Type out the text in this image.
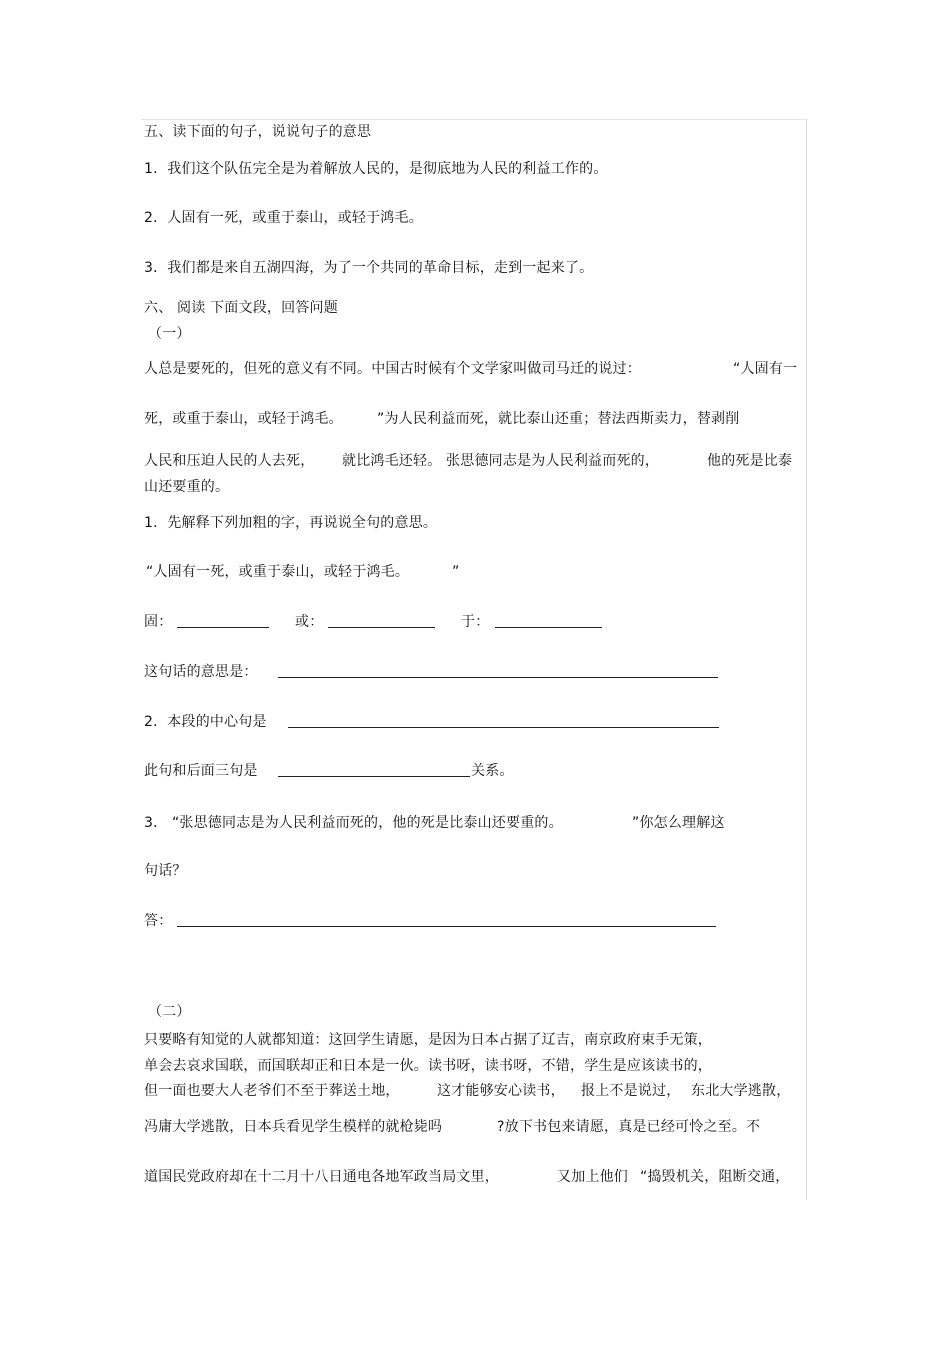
五、读下面的句子，说说句子的意思
1．我们这个队伍完全是为着解放人民的，是彻底地为人民的利益工作的。
2．人固有一死，或重于泰山，或轻于鸿毛。
3．我们都是来自五湖四海，为了一个共同的革命目标，走到一起来了。
六、 阅读 下面文段，回答问题
（一）
人总是要死的，但死的意义有不同。中国古时候有个文学家叫做司马迁的说过：	“人固有一
死，或重于泰山，或轻于鸿毛。 ”为人民利益而死，就比泰山还重；替法西斯卖力，替剥削
人民和压迫人民的人去死， 就比鸿毛还轻。 张思德同志是为人民利益而死的，	他的死是比泰
山还要重的。
1．先解释下列加粗的字，再说说全句的意思。
“人固有一死，或重于泰山，或轻于鸿毛。	”
固：	或：	于：
这句话的意思是：
2．本段的中心句是
此句和后面三句是	关系。
3． “张思德同志是为人民利益而死的，他的死是比泰山还要重的。	”你怎么理解这
句话？
答：
（二）
只要略有知觉的人就都知道：这回学生请愿，是因为日本占据了辽吉，南京政府束手无策，
单会去哀求国联，而国联却正和日本是一伙。读书呀，读书呀，不错，学生是应该读书的，
但一面也要大人老爷们不至于葬送土地，	这才能够安心读书， 报上不是说过， 东北大学逃散，
冯庸大学逃散，日本兵看见学生模样的就枪毙吗	?放下书包来请愿，真是已经可怜之至。不
道国民党政府却在十二月十八日通电各地军政当局文里，	又加上他们 “捣毁机关，阻断交通，
